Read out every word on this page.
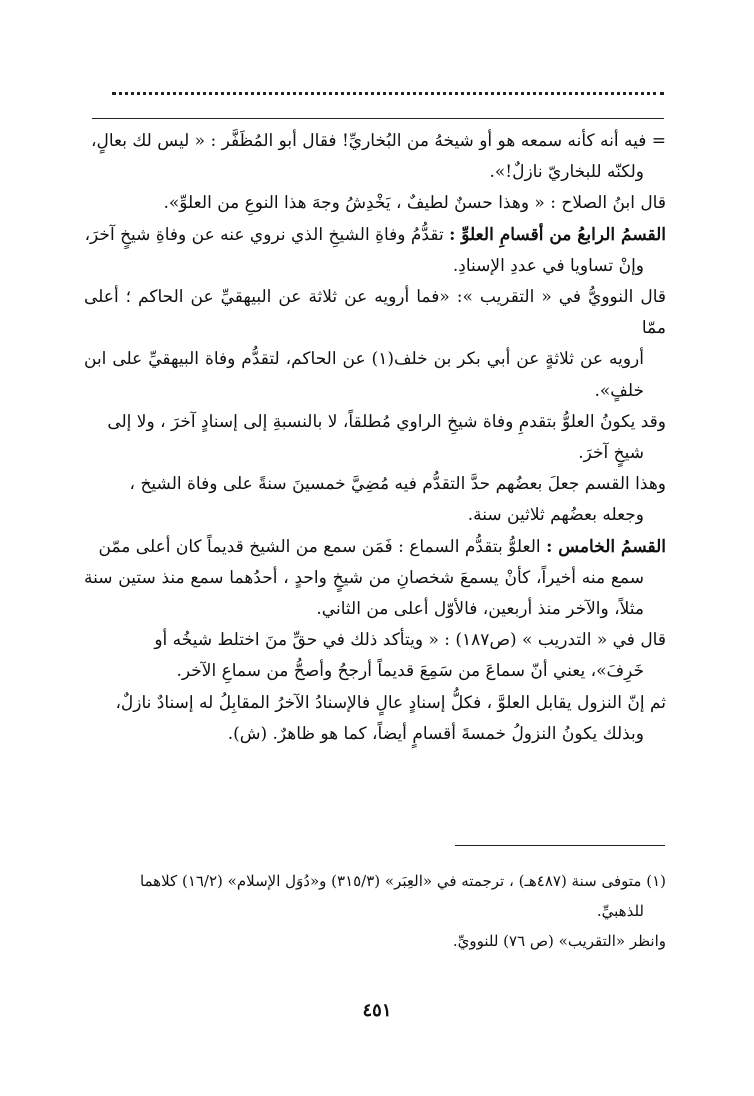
= فيه أنه كأنه سمعه هو أو شيخهُ من البُخاريِّ! فقال أبو المُظَفَّر : « ليس لك بعالٍ،
ولكنّه للبخاريّ نازلٌ!».

قال ابنُ الصلاح : « وهذا حسنٌ لطيفٌ ، يَخْدِشُ وجهَ هذا النوعِ من العلوِّ».

القسمُ الرابعُ من أقسامِ العلوِّ : تقدُّمُ وفاةِ الشيخِ الذي نروي عنه عن وفاةِ شيخٍ آخرَ،
وإنْ تساويا في عددِ الإسنادِ.

قال النوويُّ في « التقريب »: «فما أرويه عن ثلاثة عن البيهقيِّ عن الحاكم ؛ أعلى ممّا
أرويه عن ثلاثةٍ عن أبي بكر بن خلف(١) عن الحاكم، لتقدُّم وفاة البيهقيِّ على ابن خلفٍ».

وقد يكونُ العلوُّ بتقدمِ وفاة شيخِ الراوي مُطلقاً، لا بالنسبةِ إلى إسنادٍ آخرَ ، ولا إلى
شيخٍ آخرَ.

وهذا القسم جعلَ بعضُهم حدَّ التقدُّم فيه مُضِيَّ خمسينَ سنةً على وفاة الشيخ ،
وجعله بعضُهم ثلاثين سنة.

القسمُ الخامس : العلوُّ بتقدُّم السماع : فَمَن سمع من الشيخ قديماً كان أعلى ممّن
سمع منه أخيراً، كأنْ يسمعَ شخصانِ من شيخٍ واحدٍ ، أحدُهما سمع منذ ستين سنة مثلاً، والآخر منذ أربعين، فالأوّل أعلى من الثاني.

قال في « التدريب » (ص١٨٧) : « ويتأكد ذلك في حقِّ منَ اختلط شيخُه أو
خَرِفَ»، يعني أنّ سماعَ من سَمِعَ قديماً أرجحُ وأصحُّ من سماعِ الآخر.

ثم إنّ النزول يقابل العلوَّ ، فكلُّ إسنادٍ عالٍ فالإسنادُ الآخرُ المقابِلُ له إسنادٌ نازلٌ،
وبذلك يكونُ النزولُ خمسةَ أقسامٍ أيضاً، كما هو ظاهرٌ. (ش).

(١) متوفى سنة (٤٨٧هـ) ، ترجمته في «العِبَر» (٣١٥/٣) و«دُوَل الإسلام» (١٦/٢) كلاهما
للذهبيِّ.

وانظر «التقريب» (ص ٧٦) للنوويِّ.

٤٥١
